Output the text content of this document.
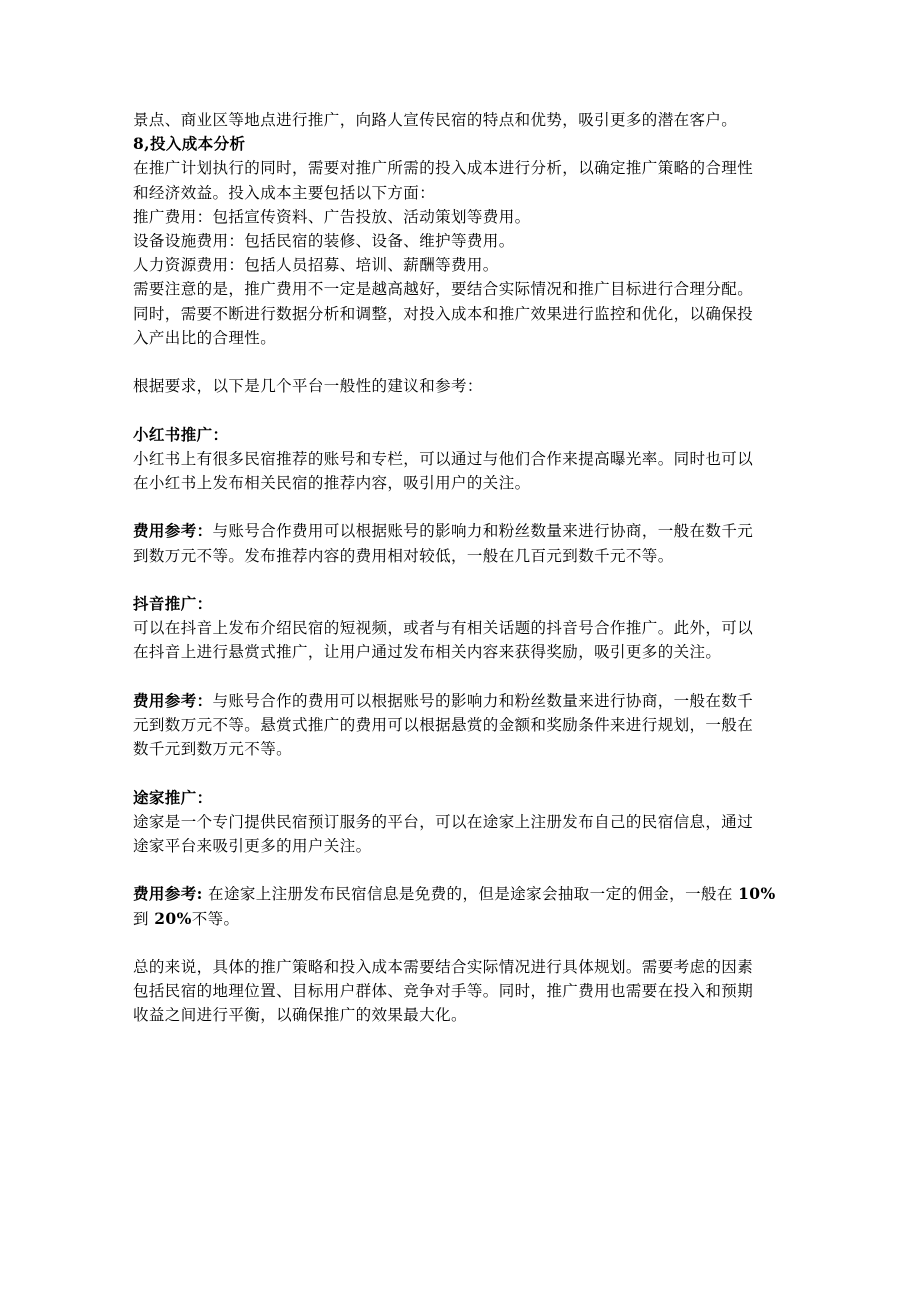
景点、商业区等地点进行推广，向路人宣传民宿的特点和优势，吸引更多的潜在客户。

8,投入成本分析

在推广计划执行的同时，需要对推广所需的投入成本进行分析，以确定推广策略的合理性

和经济效益。投入成本主要包括以下方面：

推广费用：包括宣传资料、广告投放、活动策划等费用。

设备设施费用：包括民宿的装修、设备、维护等费用。

人力资源费用：包括人员招募、培训、薪酬等费用。

需要注意的是，推广费用不一定是越高越好，要结合实际情况和推广目标进行合理分配。

同时，需要不断进行数据分析和调整，对投入成本和推广效果进行监控和优化，以确保投

入产出比的合理性。

根据要求，以下是几个平台一般性的建议和参考：

小红书推广：

小红书上有很多民宿推荐的账号和专栏，可以通过与他们合作来提高曝光率。同时也可以

在小红书上发布相关民宿的推荐内容，吸引用户的关注。

费用参考：与账号合作费用可以根据账号的影响力和粉丝数量来进行协商，一般在数千元

到数万元不等。发布推荐内容的费用相对较低，一般在几百元到数千元不等。

抖音推广：

可以在抖音上发布介绍民宿的短视频，或者与有相关话题的抖音号合作推广。此外，可以

在抖音上进行悬赏式推广，让用户通过发布相关内容来获得奖励，吸引更多的关注。

费用参考：与账号合作的费用可以根据账号的影响力和粉丝数量来进行协商，一般在数千

元到数万元不等。悬赏式推广的费用可以根据悬赏的金额和奖励条件来进行规划，一般在

数千元到数万元不等。

途家推广：

途家是一个专门提供民宿预订服务的平台，可以在途家上注册发布自己的民宿信息，通过

途家平台来吸引更多的用户关注。

费用参考: 在途家上注册发布民宿信息是免费的，但是途家会抽取一定的佣金，一般在 10%

到 20%不等。

总的来说，具体的推广策略和投入成本需要结合实际情况进行具体规划。需要考虑的因素

包括民宿的地理位置、目标用户群体、竞争对手等。同时，推广费用也需要在投入和预期

收益之间进行平衡，以确保推广的效果最大化。
